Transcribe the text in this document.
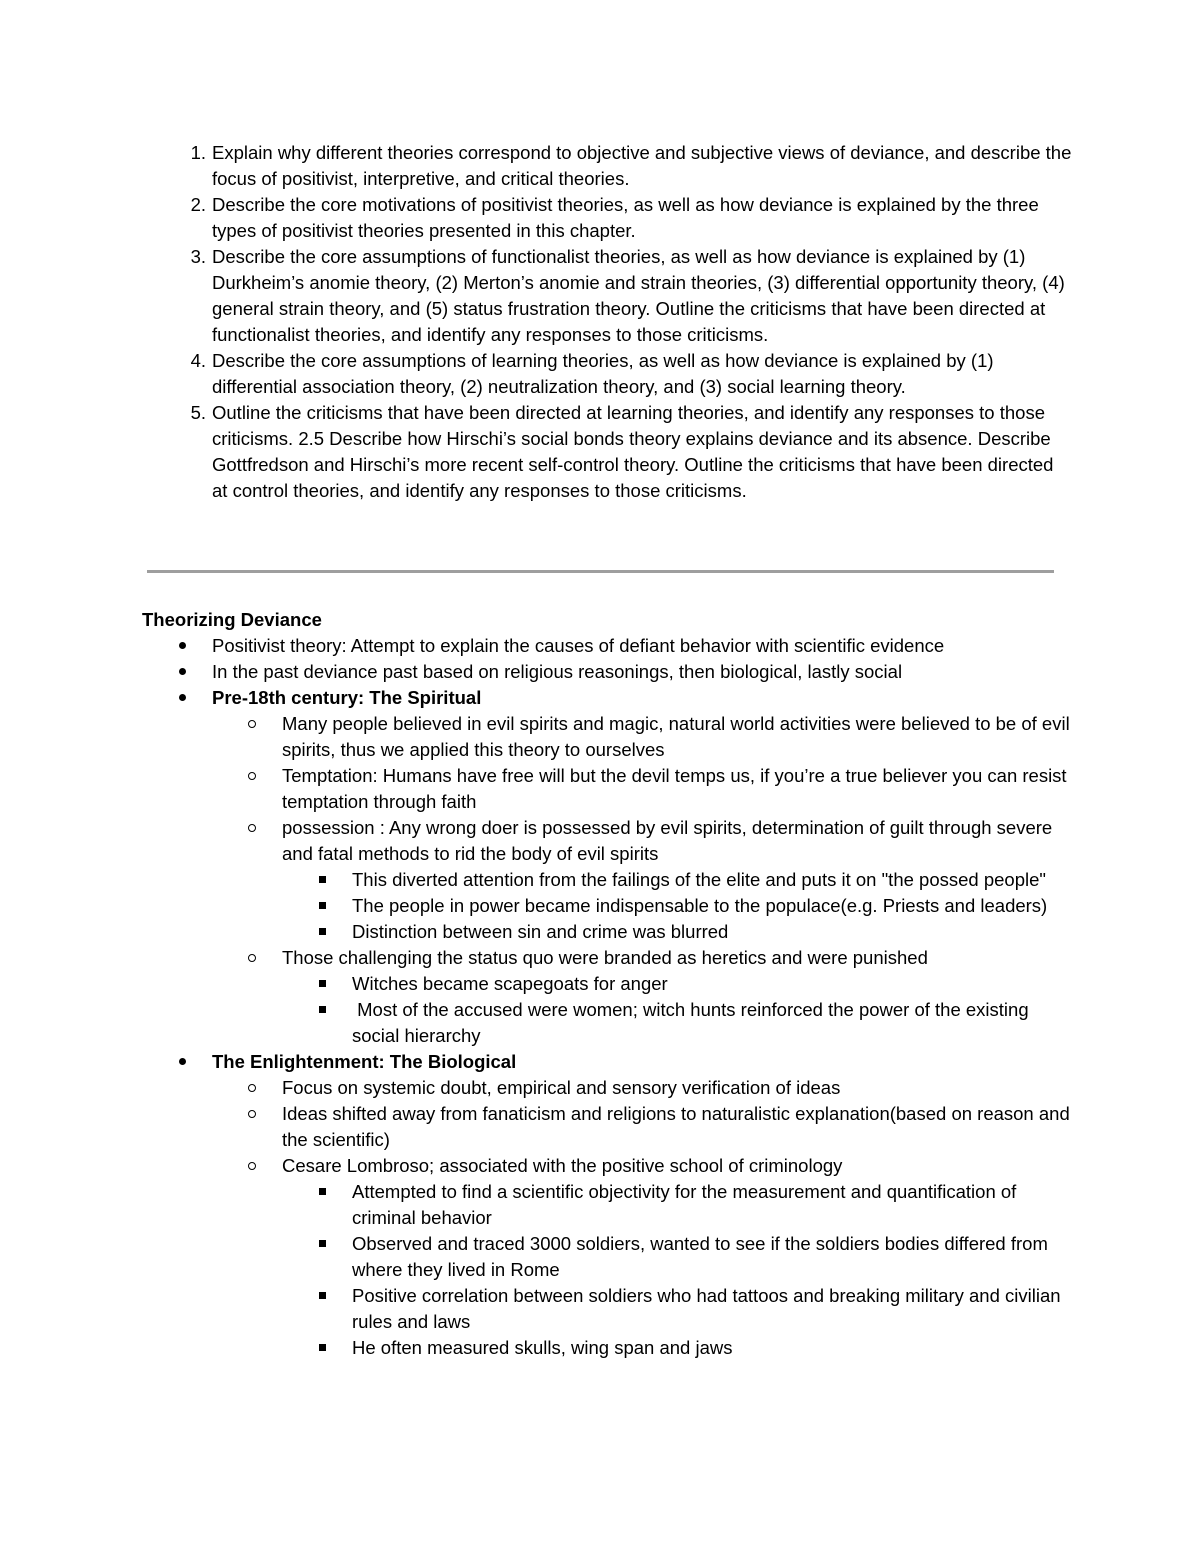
1. Explain why different theories correspond to objective and subjective views of deviance, and describe the focus of positivist, interpretive, and critical theories.
2. Describe the core motivations of positivist theories, as well as how deviance is explained by the three types of positivist theories presented in this chapter.
3. Describe the core assumptions of functionalist theories, as well as how deviance is explained by (1) Durkheim’s anomie theory, (2) Merton’s anomie and strain theories, (3) differential opportunity theory, (4) general strain theory, and (5) status frustration theory. Outline the criticisms that have been directed at functionalist theories, and identify any responses to those criticisms.
4. Describe the core assumptions of learning theories, as well as how deviance is explained by (1) differential association theory, (2) neutralization theory, and (3) social learning theory.
5. Outline the criticisms that have been directed at learning theories, and identify any responses to those criticisms. 2.5 Describe how Hirschi’s social bonds theory explains deviance and its absence. Describe Gottfredson and Hirschi’s more recent self-control theory. Outline the criticisms that have been directed at control theories, and identify any responses to those criticisms.
Theorizing Deviance
Positivist theory: Attempt to explain the causes of defiant behavior with scientific evidence
In the past deviance past based on religious reasonings, then biological, lastly social
Pre-18th century: The Spiritual
Many people believed in evil spirits and magic, natural world activities were believed to be of evil spirits, thus we applied this theory to ourselves
Temptation: Humans have free will but the devil temps us, if you’re a true believer you can resist temptation through faith
possession : Any wrong doer is possessed by evil spirits, determination of guilt through severe and fatal methods to rid the body of evil spirits
This diverted attention from the failings of the elite and puts it on "the possed people"
The people in power became indispensable to the populace(e.g. Priests and leaders)
Distinction between sin and crime was blurred
Those challenging the status quo were branded as heretics and were punished
Witches became scapegoats for anger
Most of the accused were women; witch hunts reinforced the power of the existing social hierarchy
The Enlightenment: The Biological
Focus on systemic doubt, empirical and sensory verification of ideas
Ideas shifted away from fanaticism and religions to naturalistic explanation(based on reason and the scientific)
Cesare Lombroso; associated with the positive school of criminology
Attempted to find a scientific objectivity for the measurement and quantification of criminal behavior
Observed and traced 3000 soldiers, wanted to see if the soldiers bodies differed from where they lived in Rome
Positive correlation between soldiers who had tattoos and breaking military and civilian rules and laws
He often measured skulls, wing span and jaws
